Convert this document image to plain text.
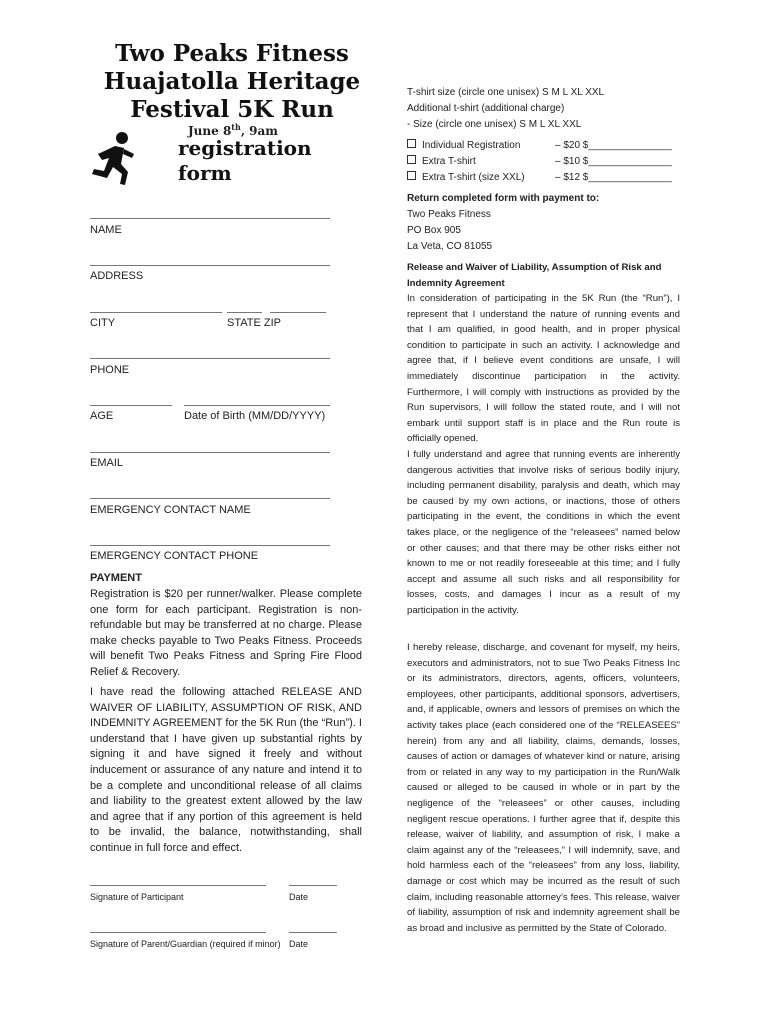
Two Peaks Fitness Huajatolla Heritage Festival 5K Run
June 8th, 9am
registration
form
NAME
ADDRESS
CITY	STATE ZIP
PHONE
AGE	Date of Birth (MM/DD/YYYY)
EMAIL
EMERGENCY CONTACT NAME
EMERGENCY CONTACT PHONE
PAYMENT
Registration is $20 per runner/walker. Please complete one form for each participant. Registration is non-refundable but may be transferred at no charge. Please make checks payable to Two Peaks Fitness. Proceeds will benefit Two Peaks Fitness and Spring Fire Flood Relief & Recovery.
I have read the following attached RELEASE AND WAIVER OF LIABILITY, ASSUMPTION OF RISK, AND INDEMNITY AGREEMENT for the 5K Run (the “Run”). I understand that I have given up substantial rights by signing it and have signed it freely and without inducement or assurance of any nature and intend it to be a complete and unconditional release of all claims and liability to the greatest extent allowed by the law and agree that if any portion of this agreement is held to be invalid, the balance, notwithstanding, shall continue in full force and effect.
Signature of Participant	Date
Signature of Parent/Guardian (required if minor) Date
T-shirt size (circle one unisex) S M L XL XXL
Additional t-shirt (additional charge)
- Size (circle one unisex) S M L XL XXL
Individual Registration	– $20 $_______________
Extra T-shirt	– $10 $_______________
Extra T-shirt (size XXL)	– $12 $_______________
Return completed form with payment to:
Two Peaks Fitness
PO Box 905
La Veta, CO 81055
Release and Waiver of Liability, Assumption of Risk and Indemnity Agreement
In consideration of participating in the 5K Run (the “Run”), I represent that I understand the nature of running events and that I am qualified, in good health, and in proper physical condition to participate in such an activity. I acknowledge and agree that, if I believe event conditions are unsafe, I will immediately discontinue participation in the activity. Furthermore, I will comply with instructions as provided by the Run supervisors, I will follow the stated route, and I will not embark until support staff is in place and the Run route is officially opened.
I fully understand and agree that running events are inherently dangerous activities that involve risks of serious bodily injury, including permanent disability, paralysis and death, which may be caused by my own actions, or inactions, those of others participating in the event, the conditions in which the event takes place, or the negligence of the “releasees” named below or other causes; and that there may be other risks either not known to me or not readily foreseeable at this time; and I fully accept and assume all such risks and all responsibility for losses, costs, and damages I incur as a result of my participation in the activity.
I hereby release, discharge, and covenant for myself, my heirs, executors and administrators, not to sue Two Peaks Fitness Inc or its administrators, directors, agents, officers, volunteers, employees, other participants, additional sponsors, advertisers, and, if applicable, owners and lessors of premises on which the activity takes place (each considered one of the “RELEASEES” herein) from any and all liability, claims, demands, losses, causes of action or damages of whatever kind or nature, arising from or related in any way to my participation in the Run/Walk caused or alleged to be caused in whole or in part by the negligence of the “releasees” or other causes, including negligent rescue operations. I further agree that if, despite this release, waiver of liability, and assumption of risk, I make a claim against any of the “releasees,” I will indemnify, save, and hold harmless each of the “releasees” from any loss, liability, damage or cost which may be incurred as the result of such claim, including reasonable attorney’s fees. This release, waiver of liability, assumption of risk and indemnity agreement shall be as broad and inclusive as permitted by the State of Colorado.
